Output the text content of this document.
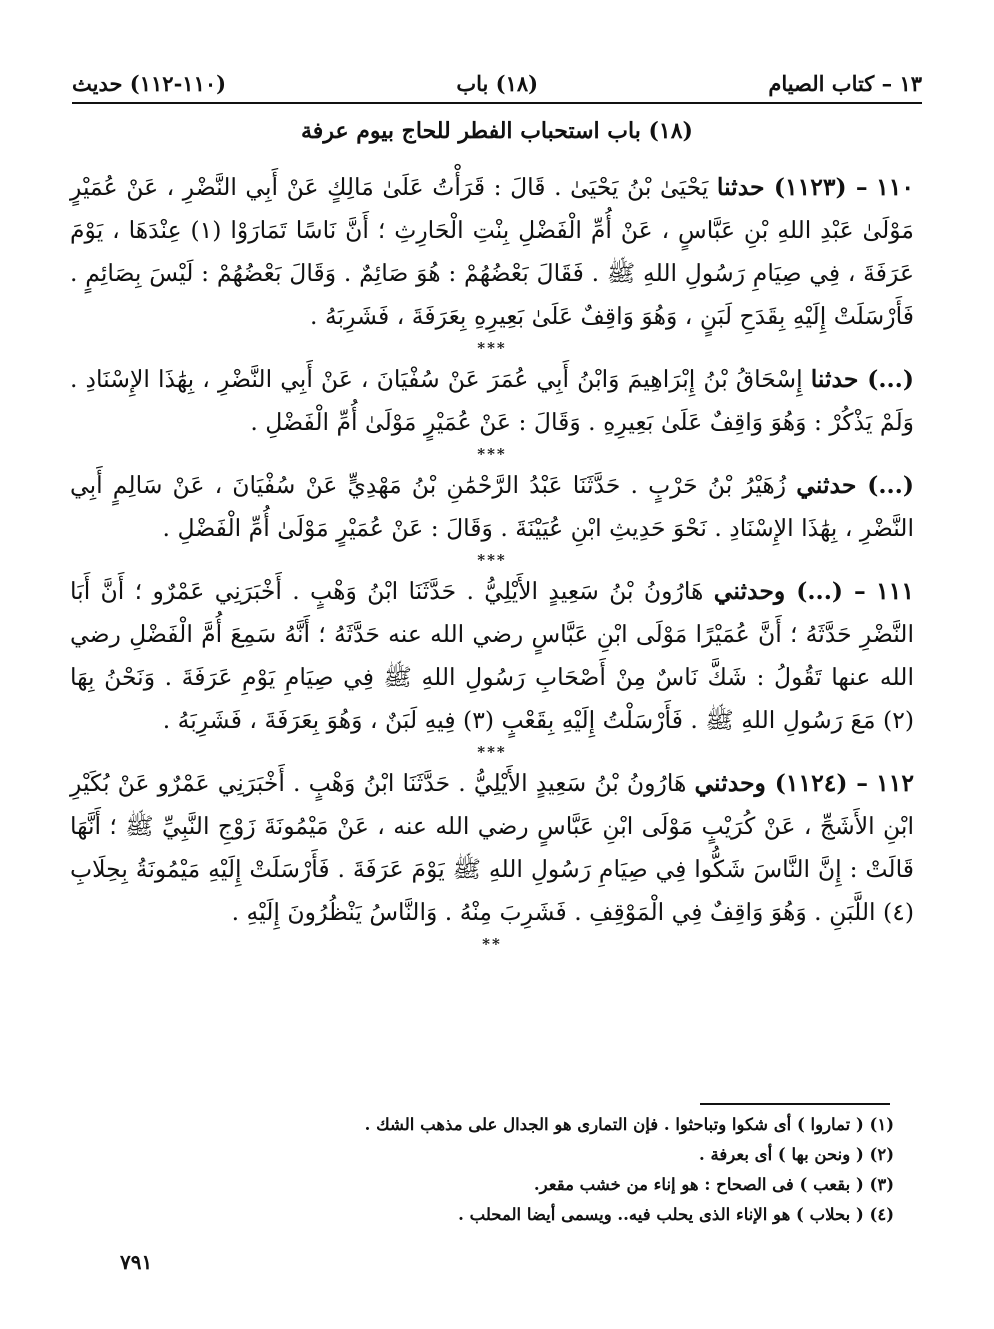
١٣ – كتاب الصيام
(١٨) باب
(١١٠-١١٢) حديث
(١٨) باب استحباب الفطر للحاج بيوم عرفة

١١٠ – (١١٢٣) حدثنا يَحْيَىٰ بْنُ يَحْيَىٰ . قَالَ : قَرَأْتُ عَلَىٰ مَالِكٍ عَنْ أَبِي النَّضْرِ ، عَنْ عُمَيْرٍ مَوْلَىٰ عَبْدِ اللهِ بْنِ عَبَّاسٍ ، عَنْ أُمِّ الْفَضْلِ بِنْتِ الْحَارِثِ ؛ أَنَّ نَاسًا تَمَارَوْا (١) عِنْدَهَا ، يَوْمَ عَرَفَةَ ، فِي صِيَامِ رَسُولِ اللهِ ﷺ . فَقَالَ بَعْضُهُمْ : هُوَ صَائِمٌ . وَقَالَ بَعْضُهُمْ : لَيْسَ بِصَائِمٍ . فَأَرْسَلَتْ إِلَيْهِ بِقَدَحِ لَبَنٍ ، وَهُوَ وَاقِفٌ عَلَىٰ بَعِيرِهِ بِعَرَفَةَ ، فَشَرِبَهُ .

***

(...) حدثنا إِسْحَاقُ بْنُ إِبْرَاهِيمَ وَابْنُ أَبِي عُمَرَ عَنْ سُفْيَانَ ، عَنْ أَبِي النَّضْرِ ، بِهَٰذَا الإِسْنَادِ . وَلَمْ يَذْكُرْ : وَهُوَ وَاقِفٌ عَلَىٰ بَعِيرِهِ . وَقَالَ : عَنْ عُمَيْرٍ مَوْلَىٰ أُمِّ الْفَضْلِ .

***

(...) حدثني زُهَيْرُ بْنُ حَرْبٍ . حَدَّثَنَا عَبْدُ الرَّحْمَٰنِ بْنُ مَهْدِيٍّ عَنْ سُفْيَانَ ، عَنْ سَالِمٍ أَبِي النَّضْرِ ، بِهَٰذَا الإِسْنَادِ . نَحْوَ حَدِيثِ ابْنِ عُيَيْنَةَ . وَقَالَ : عَنْ عُمَيْرٍ مَوْلَىٰ أُمِّ الْفَضْلِ .

***

١١١ – (...) وحدثني هَارُونُ بْنُ سَعِيدٍ الأَيْلِيُّ . حَدَّثَنَا ابْنُ وَهْبٍ . أَخْبَرَنِي عَمْرٌو ؛ أَنَّ أَبَا النَّضْرِ حَدَّثَهُ ؛ أَنَّ عُمَيْرًا مَوْلَى ابْنِ عَبَّاسٍ رضي الله عنه حَدَّثَهُ ؛ أَنَّهُ سَمِعَ أُمَّ الْفَضْلِ رضي الله عنها تَقُولُ : شَكَّ نَاسٌ مِنْ أَصْحَابِ رَسُولِ اللهِ ﷺ فِي صِيَامِ يَوْمِ عَرَفَةَ . وَنَحْنُ بِهَا (٢) مَعَ رَسُولِ اللهِ ﷺ . فَأَرْسَلْتُ إِلَيْهِ بِقَعْبٍ (٣) فِيهِ لَبَنٌ ، وَهُوَ بِعَرَفَةَ ، فَشَرِبَهُ .

***

١١٢ – (١١٢٤) وحدثني هَارُونُ بْنُ سَعِيدٍ الأَيْلِيُّ . حَدَّثَنَا ابْنُ وَهْبٍ . أَخْبَرَنِي عَمْرٌو عَنْ بُكَيْرِ ابْنِ الأَشَجِّ ، عَنْ كُرَيْبٍ مَوْلَى ابْنِ عَبَّاسٍ رضي الله عنه ، عَنْ مَيْمُونَةَ زَوْجِ النَّبِيِّ ﷺ ؛ أَنَّهَا قَالَتْ : إِنَّ النَّاسَ شَكُّوا فِي صِيَامِ رَسُولِ اللهِ ﷺ يَوْمَ عَرَفَةَ . فَأَرْسَلَتْ إِلَيْهِ مَيْمُونَةُ بِحِلَابِ (٤) اللَّبَنِ . وَهُوَ وَاقِفٌ فِي الْمَوْقِفِ . فَشَرِبَ مِنْهُ . وَالنَّاسُ يَنْظُرُونَ إِلَيْهِ .

**
(١) ( تماروا ) أى شكوا وتباحثوا . فإن التمارى هو الجدال على مذهب الشك .
(٢) ( ونحن بها ) أى بعرفة .
(٣) ( بقعب ) فى الصحاح : هو إناء من خشب مقعر.
(٤) ( بحلاب ) هو الإناء الذى يحلب فيه.. ويسمى أيضا المحلب .
٧٩١
